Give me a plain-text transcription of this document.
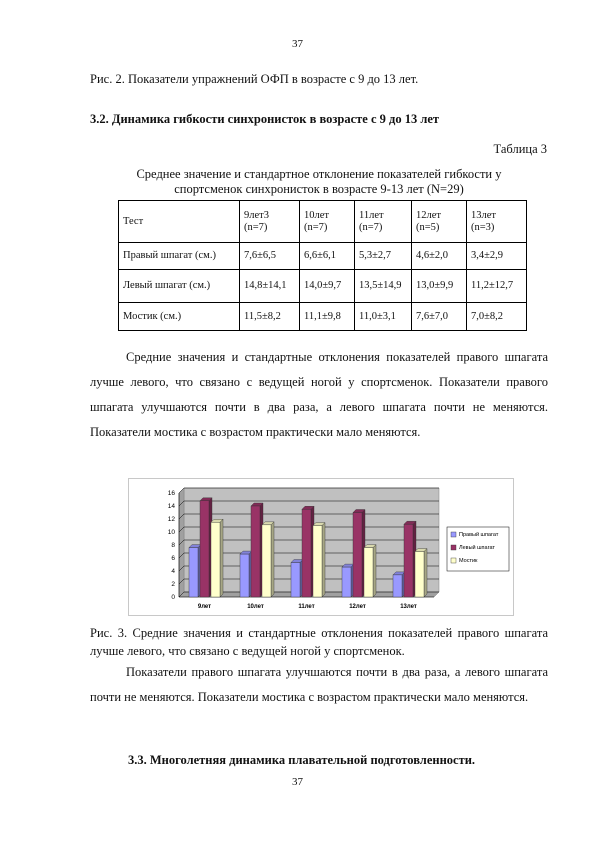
37
Рис. 2. Показатели упражнений ОФП в возрасте с 9 до 13 лет.
3.2. Динамика гибкости синхронисток в возрасте с 9 до 13 лет
Таблица 3
Среднее значение и стандартное отклонение показателей гибкости у
спортсменок синхронисток в возрасте 9-13 лет (N=29)
Тест	9лет3 (n=7)	10лет (n=7)	11лет (n=7)	12лет (n=5)	13лет (n=3)
Правый шпагат (см.)	7,6±6,5	6,6±6,1	5,3±2,7	4,6±2,0	3,4±2,9
Левый шпагат (см.)	14,8±14,1	14,0±9,7	13,5±14,9	13,0±9,9	11,2±12,7
Мостик (см.)	11,5±8,2	11,1±9,8	11,0±3,1	7,6±7,0	7,0±8,2
Средние значения и стандартные отклонения показателей правого шпагата лучше левого, что связано с ведущей ногой у спортсменок. Показатели правого шпагата улучшаются почти в два раза, а левого шпагата почти не меняются. Показатели мостика с возрастом практически мало меняются.
0
2
4
6
8
10
12
14
16
9лет	10лет	11лет	12лет	13лет
Правый шпагат
Левый шпагат
Мостик
Рис. 3. Средние значения и стандартные отклонения показателей правого шпагата лучше левого, что связано с ведущей ногой у спортсменок.
Показатели правого шпагата улучшаются почти в два раза, а левого шпагата почти не меняются. Показатели мостика с возрастом практически мало меняются.
3.3. Многолетняя динамика плавательной подготовленности.
37
